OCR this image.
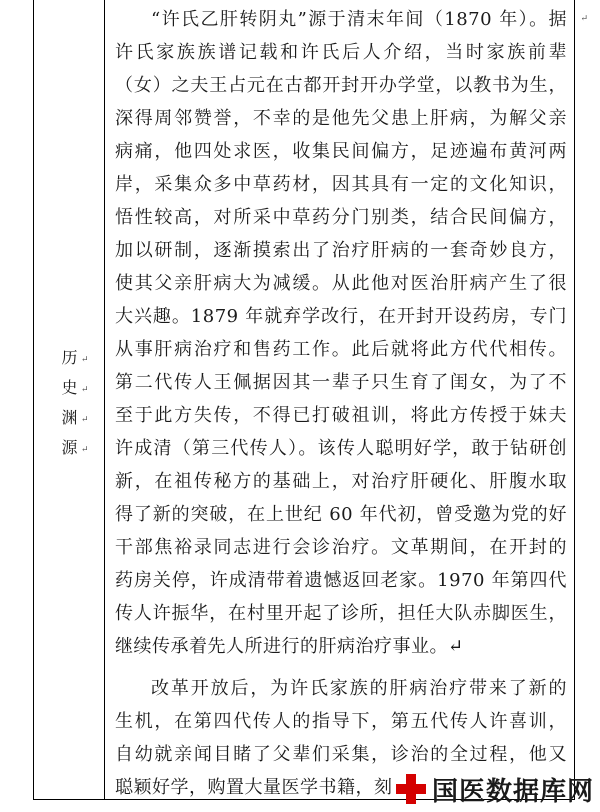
历 ↵
史 ↵
渊 ↵
源 ↵
“许氏乙肝转阴丸”源于清末年间（1870 年）。据
许氏家族族谱记载和许氏后人介绍，当时家族前辈
（女）之夫王占元在古都开封开办学堂，以教书为生，
深得周邻赞誉，不幸的是他先父患上肝病，为解父亲
病痛，他四处求医，收集民间偏方，足迹遍布黄河两
岸，采集众多中草药材，因其具有一定的文化知识，
悟性较高，对所采中草药分门别类，结合民间偏方，
加以研制，逐渐摸索出了治疗肝病的一套奇妙良方，
使其父亲肝病大为减缓。从此他对医治肝病产生了很
大兴趣。1879 年就弃学改行，在开封开设药房，专门
从事肝病治疗和售药工作。此后就将此方代代相传。
第二代传人王佩据因其一辈子只生育了闺女，为了不
至于此方失传，不得已打破祖训，将此方传授于妹夫
许成清（第三代传人）。该传人聪明好学，敢于钻研创
新，在祖传秘方的基础上，对治疗肝硬化、肝腹水取
得了新的突破，在上世纪 60 年代初，曾受邀为党的好
干部焦裕录同志进行会诊治疗。文革期间，在开封的
药房关停，许成清带着遗憾返回老家。1970 年第四代
传人许振华，在村里开起了诊所，担任大队赤脚医生，
继续传承着先人所进行的肝病治疗事业。↵
改革开放后，为许氏家族的肝病治疗带来了新的
生机，在第四代传人的指导下，第五代传人许喜训，
自幼就亲闻目睹了父辈们采集，诊治的全过程，他又
聪颖好学，购置大量医学书籍，刻
↵
国医数据库网
